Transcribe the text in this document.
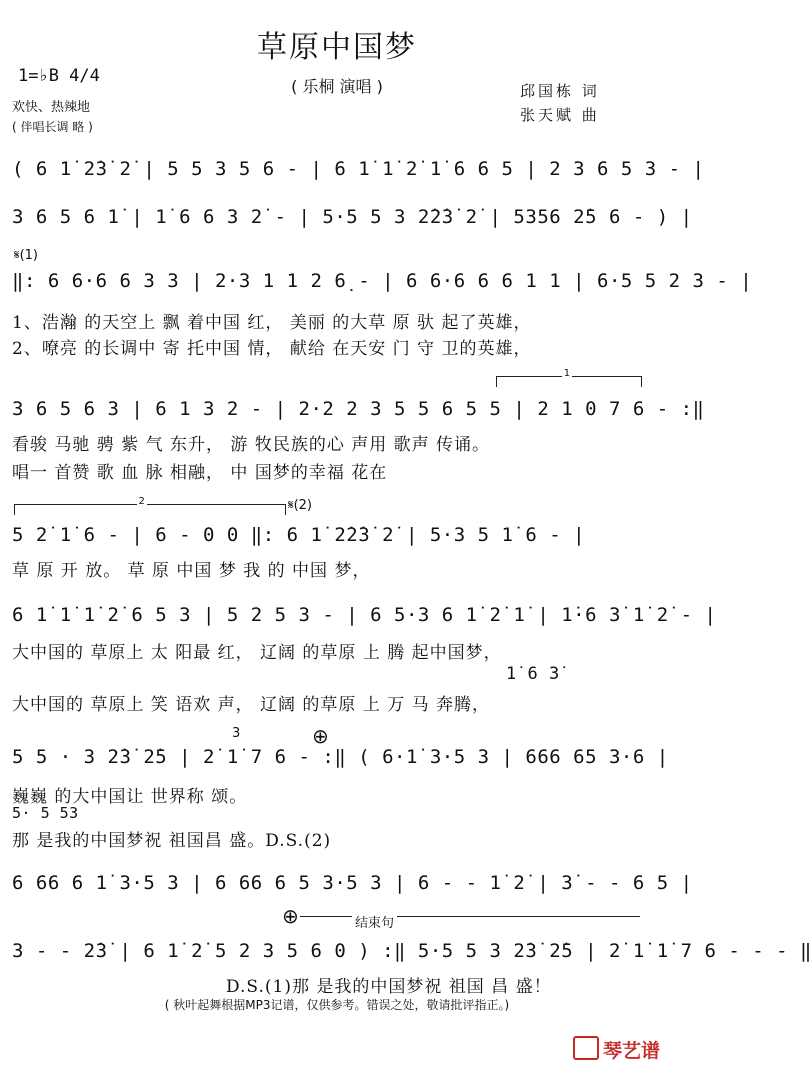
草原中国梦
( 乐桐 演唱 )
1=♭B 4/4
欢快、热辣地
( 伴唱长调 略 )
邱国栋 词
张天赋 曲
( 6 1̇ 2̇3̇ 2̇ | 5 5 3 5 6 - | 6 1̇ 1̇ 2̇ 1̇ 6 6 5 | 2 3 6 5 3 - |
3 6 5 6 1̇ | 1̇ 6 6 3 2̇ - | 5·5 5 3 2̇2̇3̇ 2̇ | 5356 2̇5 6 - ) |
𝄋(1)
‖: 6 6·6 6 3 3 | 2·3 1 1 2 6̣ - | 6 6·6 6 6 1 1 | 6·5 5 2 3 - |
1、浩瀚 的天空上 飘 着中国 红， 美丽 的大草 原 驮 起了英雄，
2、嘹亮 的长调中 寄 托中国 情， 献给 在天安 门 守 卫的英雄，
1
3 6 5 6 3 | 6 1 3 2 - | 2·2 2 3 5 5 6 5 5 | 2 1 0 7 6 - :‖
看骏 马驰 骋 紫 气 东升， 游 牧民族的心 声用 歌声 传诵。
唱一 首赞 歌 血 脉 相融， 中 国梦的幸福 花在
2	𝄋(2)
5 2̇ 1̇ 6 - | 6 - 0 0 ‖: 6 1̇ 2̇2̇3̇ 2̇ | 5·3 5 1̇ 6 - |
草 原 开 放。 草 原 中国 梦 我 的 中国 梦，
6 1̇ 1̇ 1̇ 2̇ 6 5 3 | 5 2 5 3 - | 6 5·3 6 1̇ 2̇ 1̇ | 1̇·6 3̇ 1̇ 2̇ - |
大中国的 草原上 太 阳最 红， 辽阔 的草原 上 腾 起中国梦，
1̇ 6 3̇
大中国的 草原上 笑 语欢 声， 辽阔 的草原 上 万 马 奔腾，
⊕
3
5 5 · 3 2̇3̇ 2̇5 | 2̇ 1̇ 7 6 - :‖ ( 6·1̇ 3·5 3 | 666 65 3·6 |
巍巍 的大中国让 世界称 颂。
5· 5 53
那 是我的中国梦祝 祖国昌 盛。D.S.(2)
6 66 6 1̇ 3·5 3 | 6 66 6 5 3·5 3 | 6 - - 1̇ 2̇ | 3̇ - - 6 5 |
⊕	结束句
3 - - 2̇3̇ | 6 1̇ 2̇ 5 2 3 5 6 0 ) :‖ 5·5 5 3 2̇3̇ 2̇5 | 2̇ 1̇ 1̇ 7 6 - - - ‖
D.S.(1)那 是我的中国梦祝 祖国 昌 盛！
( 秋叶起舞根据MP3记谱，仅供参考。错误之处，敬请批评指正。)
琴艺谱
